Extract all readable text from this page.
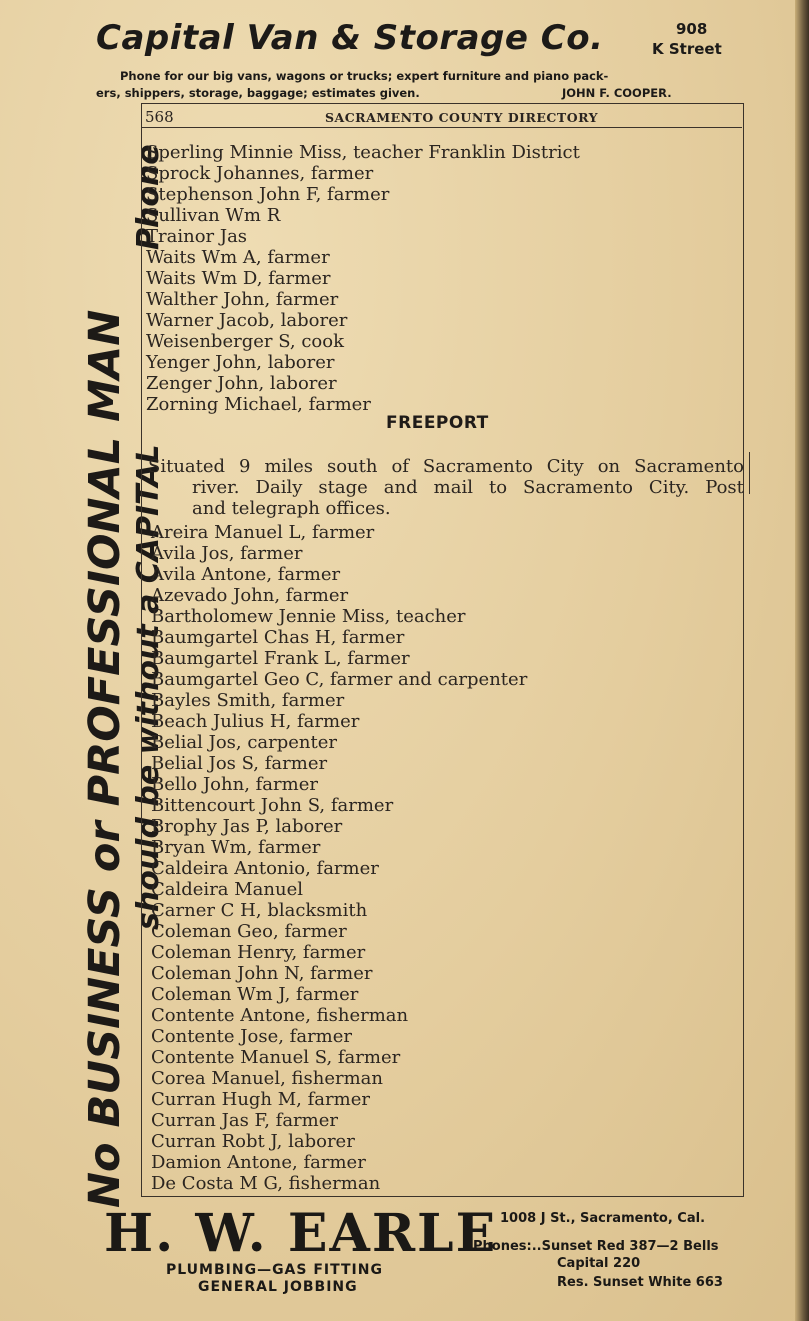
Capital Van & Storage Co.	908
K Street
Phone for our big vans, wagons or trucks; expert furniture and piano pack-
ers, shippers, storage, baggage; estimates given.	JOHN F. COOPER.
No BUSINESS or PROFESSIONAL MAN should be without a CAPITAL
Phone
568	SACRAMENTO COUNTY DIRECTORY
Sperling Minnie Miss, teacher Franklin District
Sprock Johannes, farmer
Stephenson John F, farmer
Sullivan Wm R
Trainor Jas
Waits Wm A, farmer
Waits Wm D, farmer
Walther John, farmer
Warner Jacob, laborer
Weisenberger S, cook
Yenger John, laborer
Zenger John, laborer
Zorning Michael, farmer
FREEPORT
Situated 9 miles south of Sacramento City on Sacramento
river. Daily stage and mail to Sacramento City. Post
and telegraph offices.
Areira Manuel L, farmer
Avila Jos, farmer
Avila Antone, farmer
Azevado John, farmer
Bartholomew Jennie Miss, teacher
Baumgartel Chas H, farmer
Baumgartel Frank L, farmer
Baumgartel Geo C, farmer and carpenter
Bayles Smith, farmer
Beach Julius H, farmer
Belial Jos, carpenter
Belial Jos S, farmer
Bello John, farmer
Bittencourt John S, farmer
Brophy Jas P, laborer
Bryan Wm, farmer
Caldeira Antonio, farmer
Caldeira Manuel
Carner C H, blacksmith
Coleman Geo, farmer
Coleman Henry, farmer
Coleman John N, farmer
Coleman Wm J, farmer
Contente Antone, fisherman
Contente Jose, farmer
Contente Manuel S, farmer
Corea Manuel, fisherman
Curran Hugh M, farmer
Curran Jas F, farmer
Curran Robt J, laborer
Damion Antone, farmer
De Costa M G, fisherman
H. W. EARLE
PLUMBING—GAS FITTING
GENERAL JOBBING
1008 J St., Sacramento, Cal.
Phones:..Sunset Red 387—2 Bells
Capital 220
Res. Sunset White 663
